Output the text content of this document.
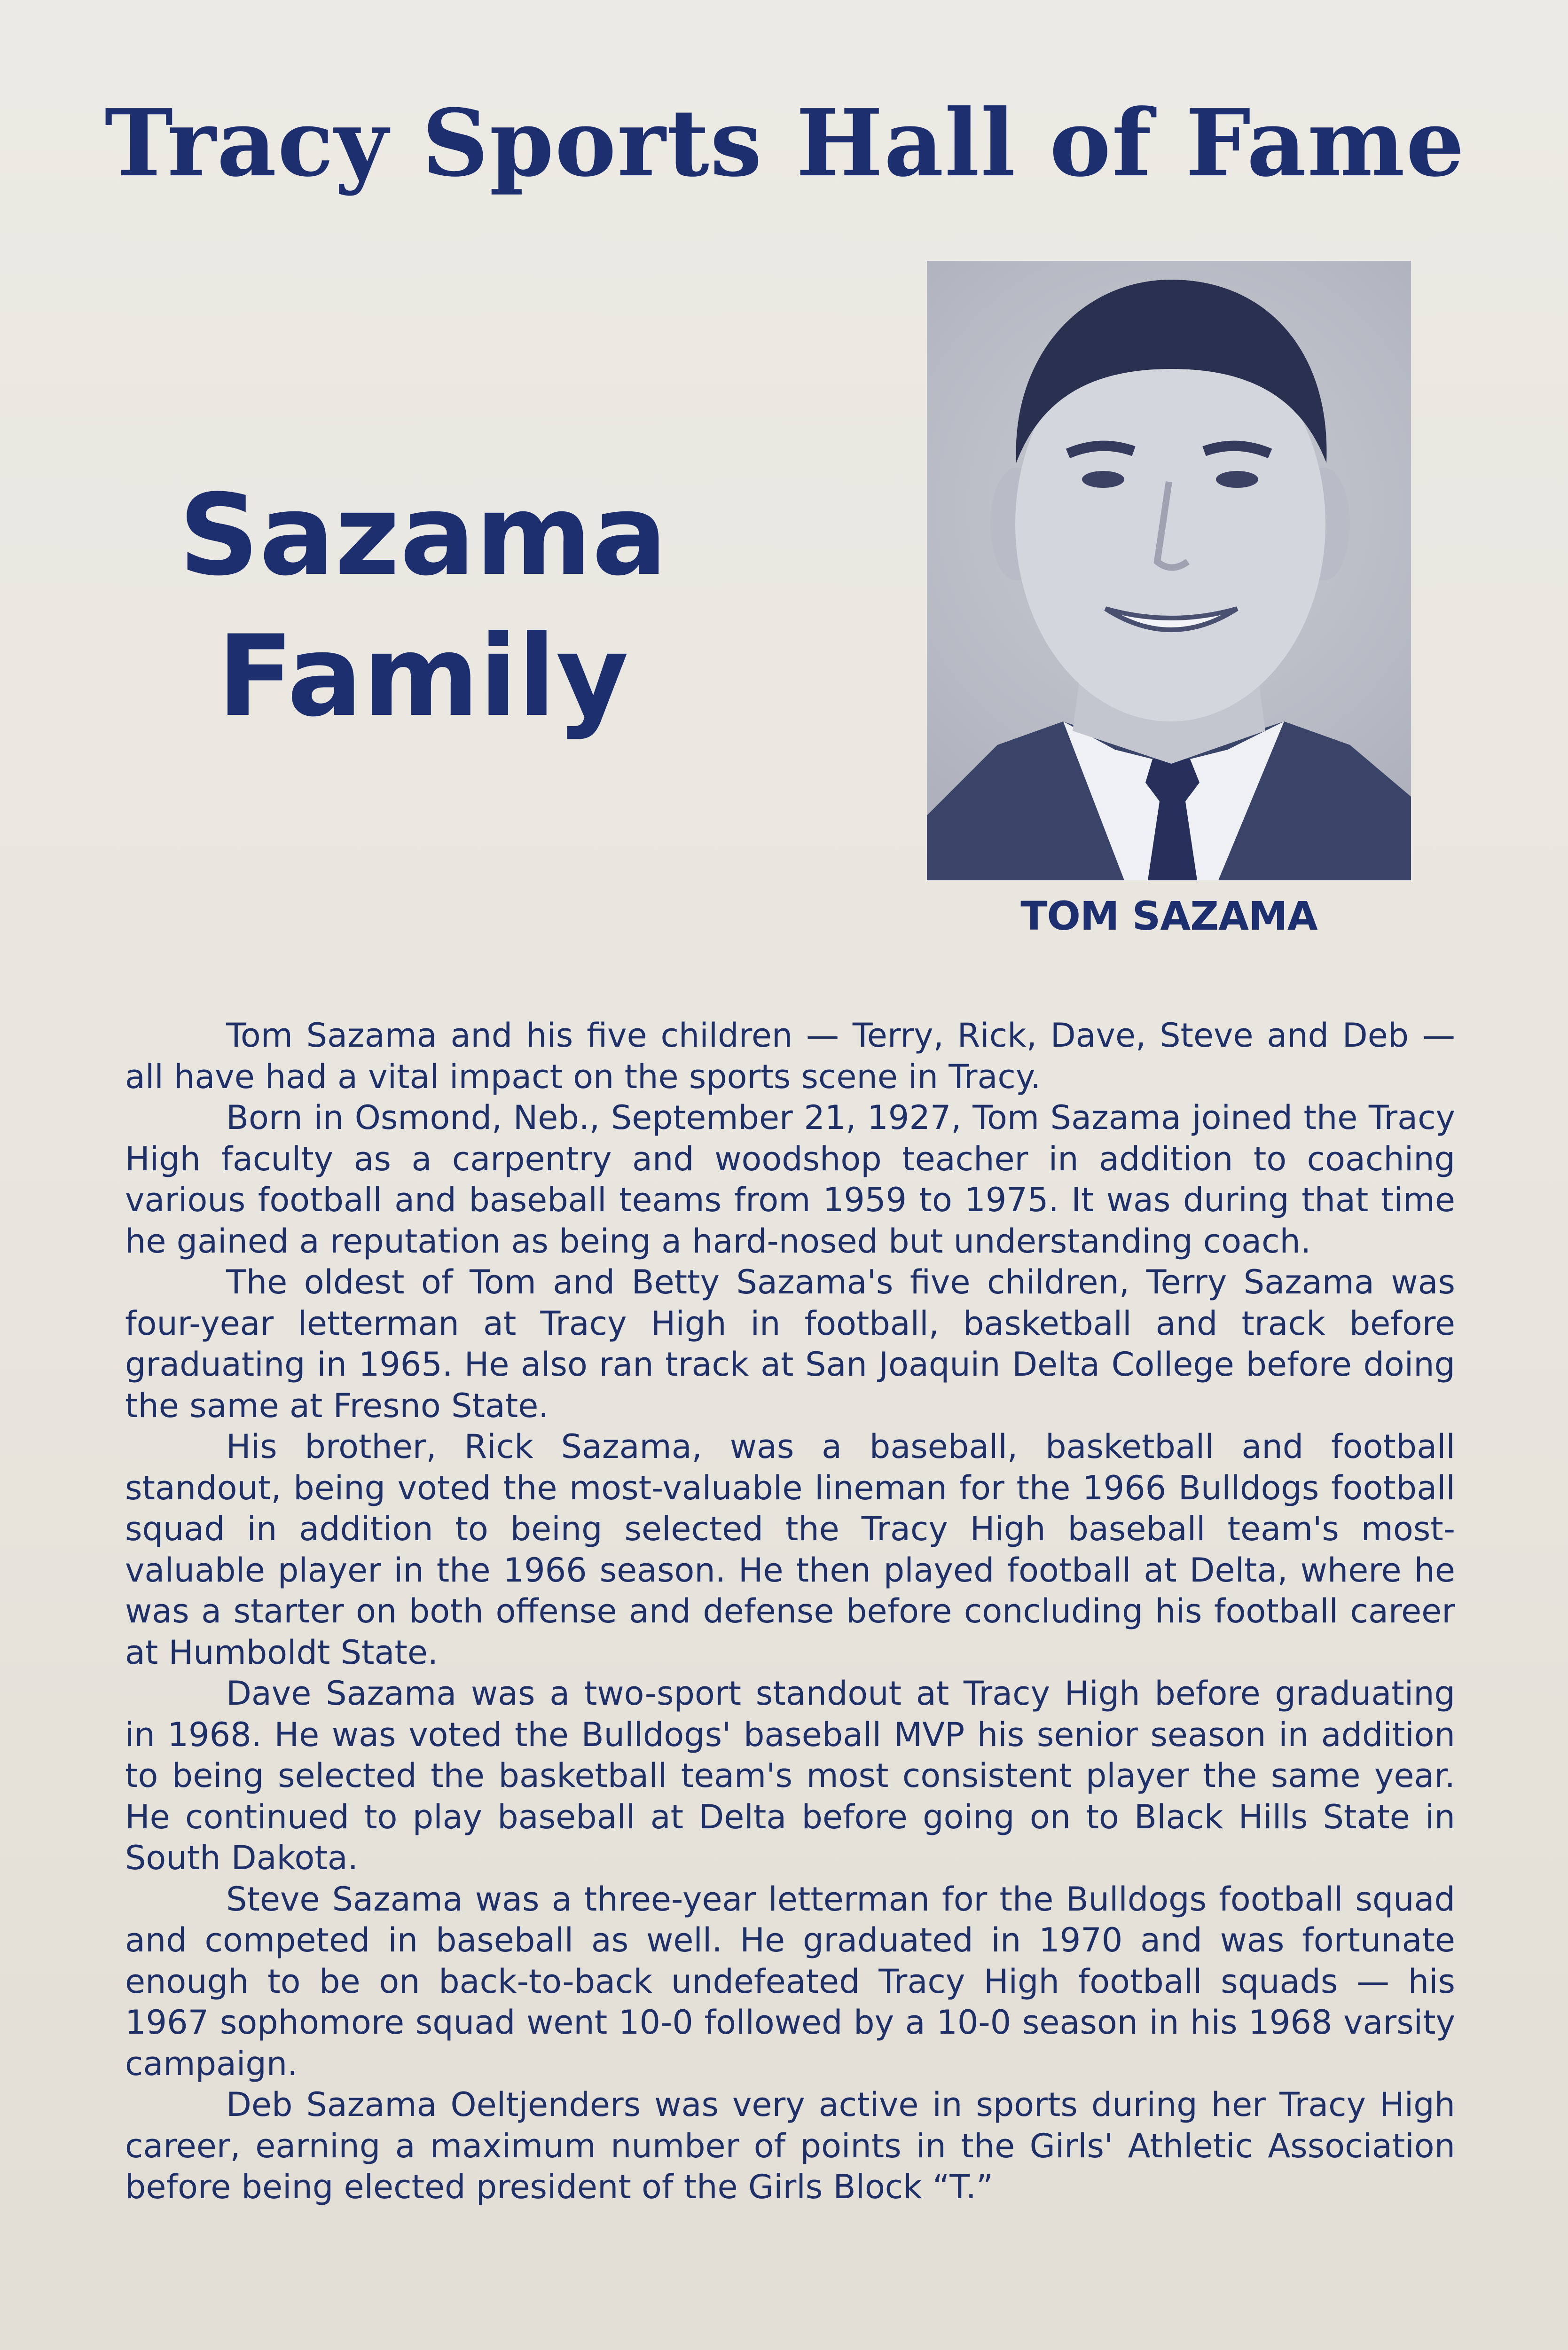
Tracy Sports Hall of Fame
Sazama
Family
TOM SAZAMA

Tom Sazama and his five children — Terry, Rick, Dave, Steve and Deb — all have had a vital impact on the sports scene in Tracy.

Born in Osmond, Neb., September 21, 1927, Tom Sazama joined the Tracy High faculty as a carpentry and woodshop teacher in addition to coaching various football and baseball teams from 1959 to 1975. It was during that time he gained a reputation as being a hard-nosed but understanding coach.

The oldest of Tom and Betty Sazama's five children, Terry Sazama was four-year letterman at Tracy High in football, basketball and track before graduating in 1965. He also ran track at San Joaquin Delta College before doing the same at Fresno State.

His brother, Rick Sazama, was a baseball, basketball and football standout, being voted the most-valuable lineman for the 1966 Bulldogs football squad in addition to being selected the Tracy High baseball team's most-valuable player in the 1966 season. He then played football at Delta, where he was a starter on both offense and defense before concluding his football career at Humboldt State.

Dave Sazama was a two-sport standout at Tracy High before graduating in 1968. He was voted the Bulldogs' baseball MVP his senior season in addition to being selected the basketball team's most consistent player the same year. He continued to play baseball at Delta before going on to Black Hills State in South Dakota.

Steve Sazama was a three-year letterman for the Bulldogs football squad and competed in baseball as well. He graduated in 1970 and was fortunate enough to be on back-to-back undefeated Tracy High football squads — his 1967 sophomore squad went 10-0 followed by a 10-0 season in his 1968 varsity campaign.

Deb Sazama Oeltjenders was very active in sports during her Tracy High career, earning a maximum number of points in the Girls' Athletic Association before being elected president of the Girls Block “T.”
